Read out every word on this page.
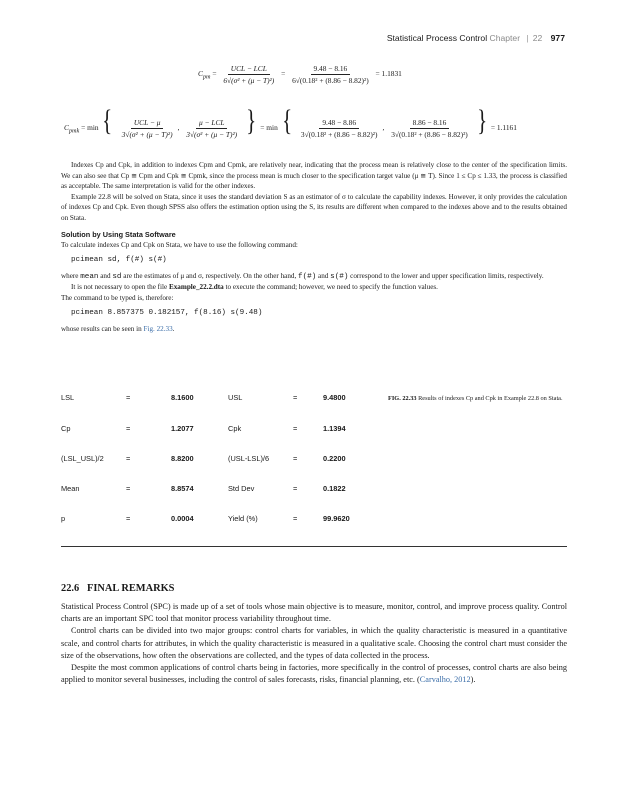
Statistical Process Control Chapter | 22 977
$C_{pm} = \frac{\text{UCL − LCL}}{\text{6√(σ² + (μ − T)²)}} = \frac{9.48 - 8.16}{\text{6√(0.18² + (8.86 − 8.82)²)}} = 1.1831$
$C_{pmk} = \min$ { $\frac{\text{UCL − μ}}{\text{3√(σ² + (μ − T)²)}}$ , $\frac{\text{μ − LCL}}{\text{3√(σ² + (μ − T)²)}}$ } = min { $\frac{9.48 - 8.86}{\text{3√(0.18² + (8.86 − 8.82)²)}}$ , $\frac{8.86 - 8.16}{\text{3√(0.18² + (8.86 − 8.82)²)}}$ } = 1.1161

Indexes Cp and Cpk, in addition to indexes Cpm and Cpmk, are relatively near, indicating that the process mean is relatively close to the center of the specification limits. We can also see that Cp ≅ Cpm and Cpk ≅ Cpmk, since the process mean is much closer to the specification target value (μ ≅ T). Since 1 ≤ Cp ≤ 1.33, the process is classified as acceptable. The same interpretation is valid for the other indexes.

Example 22.8 will be solved on Stata, since it uses the standard deviation S as an estimator of σ to calculate the capability indexes. However, it only provides the calculation of indexes Cp and Cpk. Even though SPSS also offers the estimation option using the S, its results are different when compared to the indexes above and to the results obtained on Stata.

Solution by Using Stata Software

To calculate indexes Cp and Cpk on Stata, we have to use the following command:

pcimean sd, f(#) s(#)

where mean and sd are the estimates of μ and σ, respectively. On the other hand, f(#) and s(#) correspond to the lower and upper specification limits, respectively.

It is not necessary to open the file Example_22.2.dta to execute the command; however, we need to specify the function values.

The command to be typed is, therefore:

pcimean 8.857375 0.182157, f(8.16) s(9.48)

whose results can be seen in Fig. 22.33.

LSL	=	8.1600	USL	=	9.4800
Cp	=	1.2077	Cpk	=	1.1394
(LSL_USL)/2	=	8.8200	(USL-LSL)/6	=	0.2200
Mean	=	8.8574	Std Dev	=	0.1822
p	=	0.0004	Yield (%)	=	99.9620
FIG. 22.33 Results of indexes Cp and Cpk in Example 22.8 on Stata.
22.6 FINAL REMARKS

Statistical Process Control (SPC) is made up of a set of tools whose main objective is to measure, monitor, control, and improve process quality. Control charts are an important SPC tool that monitor process variability throughout time.

Control charts can be divided into two major groups: control charts for variables, in which the quality characteristic is measured in a quantitative scale, and control charts for attributes, in which the quality characteristic is measured in a qualitative scale. Choosing the control chart must consider the size of the observations, how often the observations are collected, and the types of data collected in the process.

Despite the most common applications of control charts being in factories, more specifically in the control of processes, control charts are also being applied to monitor several businesses, including the control of sales forecasts, risks, financial planning, etc. (Carvalho, 2012).
